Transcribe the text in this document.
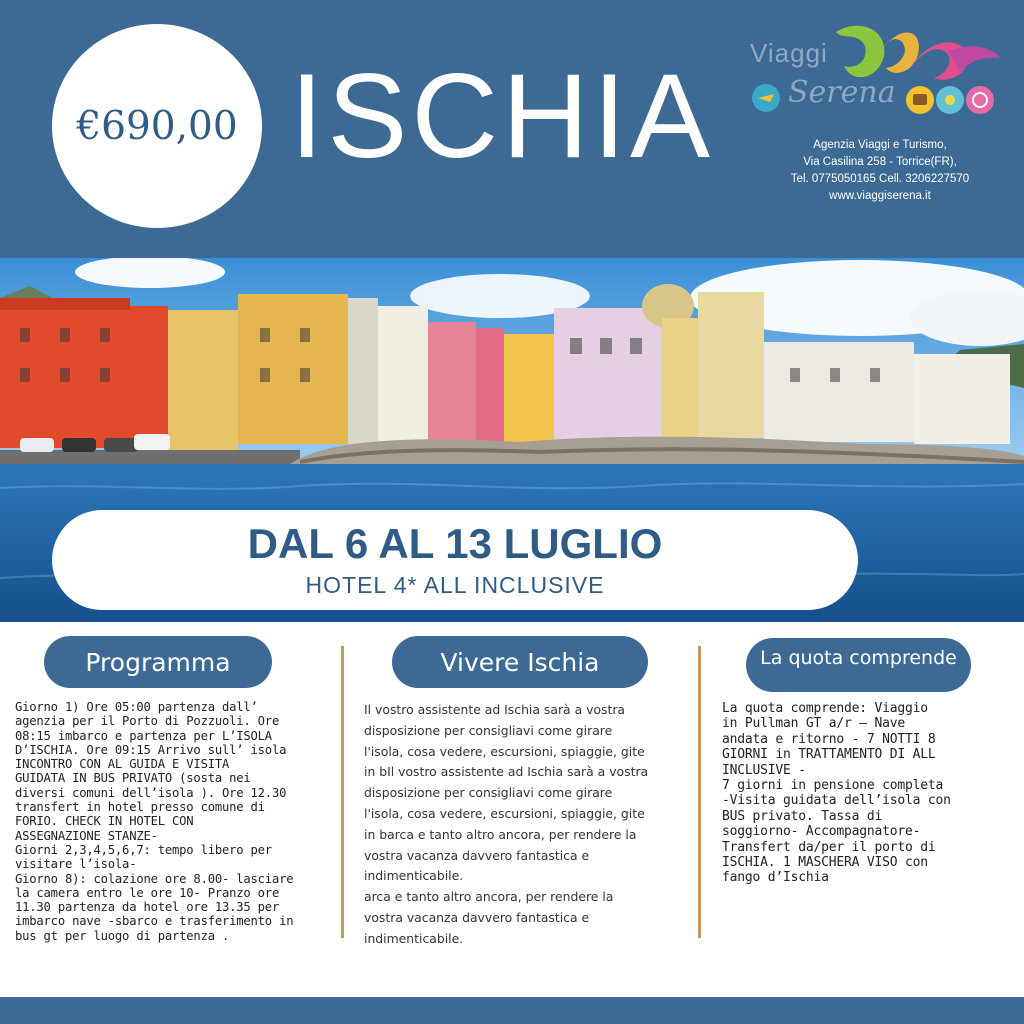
€690,00 ISCHIA Viaggi
Serena
Agenzia Viaggi e Turismo,
Via Casilina 258 - Torrice(FR),
Tel. 0775050165 Cell. 3206227570
www.viaggiserena.it
DAL 6 AL 13 LUGLIO
HOTEL 4* ALL INCLUSIVE
Programma	Vivere Ischia	La quota comprende
Giorno 1) Ore 05:00 partenza dall’
agenzia per il Porto di Pozzuoli. Ore
08:15 imbarco e partenza per L’ISOLA
D’ISCHIA. Ore 09:15 Arrivo sull’ isola
INCONTRO CON AL GUIDA E VISITA
GUIDATA IN BUS PRIVATO (sosta nei
diversi comuni dell’isola ). Ore 12.30
transfert in hotel presso comune di
FORIO. CHECK IN HOTEL CON
ASSEGNAZIONE STANZE-
Giorni 2,3,4,5,6,7: tempo libero per
visitare l’isola-
Giorno 8): colazione ore 8.00- lasciare
la camera entro le ore 10- Pranzo ore
11.30 partenza da hotel ore 13.35 per
imbarco nave -sbarco e trasferimento in
bus gt per luogo di partenza .
Il vostro assistente ad Ischia sarà a vostra
disposizione per consigliavi come girare
l'isola, cosa vedere, escursioni, spiaggie, gite
in bIl vostro assistente ad Ischia sarà a vostra
disposizione per consigliavi come girare
l'isola, cosa vedere, escursioni, spiaggie, gite
in barca e tanto altro ancora, per rendere la
vostra vacanza davvero fantastica e
indimenticabile.
arca e tanto altro ancora, per rendere la
vostra vacanza davvero fantastica e
indimenticabile.
La quota comprende: Viaggio
in Pullman GT a/r – Nave
andata e ritorno - 7 NOTTI 8
GIORNI in TRATTAMENTO DI ALL
INCLUSIVE -
7 giorni in pensione completa
-Visita guidata dell’isola con
BUS privato. Tassa di
soggiorno- Accompagnatore-
Transfert da/per il porto di
ISCHIA. 1 MASCHERA VISO con
fango d’Ischia
